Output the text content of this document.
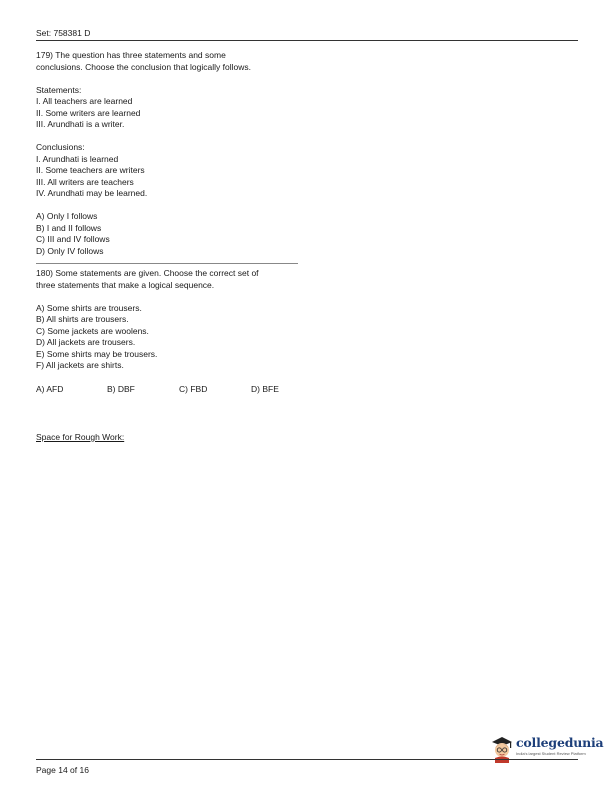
Set: 758381 D

179) The question has three statements and some

conclusions. Choose the conclusion that logically follows.

Statements:

I. All teachers are learned

II. Some writers are learned

III. Arundhati is a writer.

Conclusions:

I. Arundhati is learned

II. Some teachers are writers

III. All writers are teachers

IV. Arundhati may be learned.

A) Only I follows

B) I and II follows

C) III and IV follows

D) Only IV follows

180) Some statements are given. Choose the correct set of

three statements that make a logical sequence.

A) Some shirts are trousers.

B) All shirts are trousers.

C) Some jackets are woolens.

D) All jackets are trousers.

E) Some shirts may be trousers.

F) All jackets are shirts.

A) AFD	B) DBF	C) FBD	D) BFE
Space for Rough Work:
collegedunia
India's largest Student Review Platform
Page 14 of 16
